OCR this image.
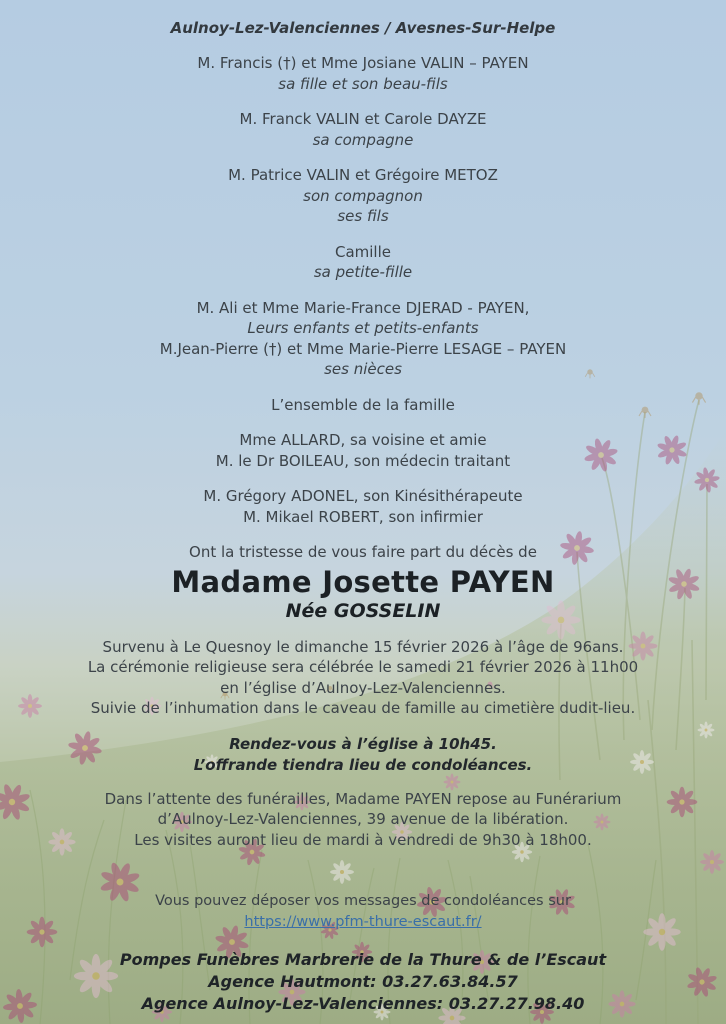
Aulnoy-Lez-Valenciennes / Avesnes-Sur-Helpe

M. Francis (†) et Mme Josiane VALIN – PAYEN

sa fille et son beau-fils

M. Franck VALIN et Carole DAYZE

sa compagne

M. Patrice VALIN et Grégoire METOZ

son compagnon

ses fils

Camille

sa petite-fille

M. Ali et Mme Marie-France DJERAD - PAYEN,

Leurs enfants et petits-enfants

M.Jean-Pierre (†) et Mme Marie-Pierre LESAGE – PAYEN

ses nièces

L’ensemble de la famille

Mme ALLARD, sa voisine et amie

M. le Dr BOILEAU, son médecin traitant

M. Grégory ADONEL, son Kinésithérapeute

M. Mikael ROBERT, son infirmier

Ont la tristesse de vous faire part du décès de

Madame Josette PAYEN

Née GOSSELIN

Survenu à Le Quesnoy le dimanche 15 février 2026 à l’âge de 96ans.

La cérémonie religieuse sera célébrée le samedi 21 février 2026 à 11h00

en l’église d’Aulnoy-Lez-Valenciennes.

Suivie de l’inhumation dans le caveau de famille au cimetière dudit-lieu.

Rendez-vous à l’église à 10h45.

L’offrande tiendra lieu de condoléances.

Dans l’attente des funérailles, Madame PAYEN repose au Funérarium

d’Aulnoy-Lez-Valenciennes, 39 avenue de la libération.

Les visites auront lieu de mardi à vendredi de 9h30 à 18h00.

Vous pouvez déposer vos messages de condoléances sur

https://www.pfm-thure-escaut.fr/

Pompes Funèbres Marbrerie de la Thure & de l’Escaut

Agence Hautmont: 03.27.63.84.57

Agence Aulnoy-Lez-Valenciennes: 03.27.27.98.40
